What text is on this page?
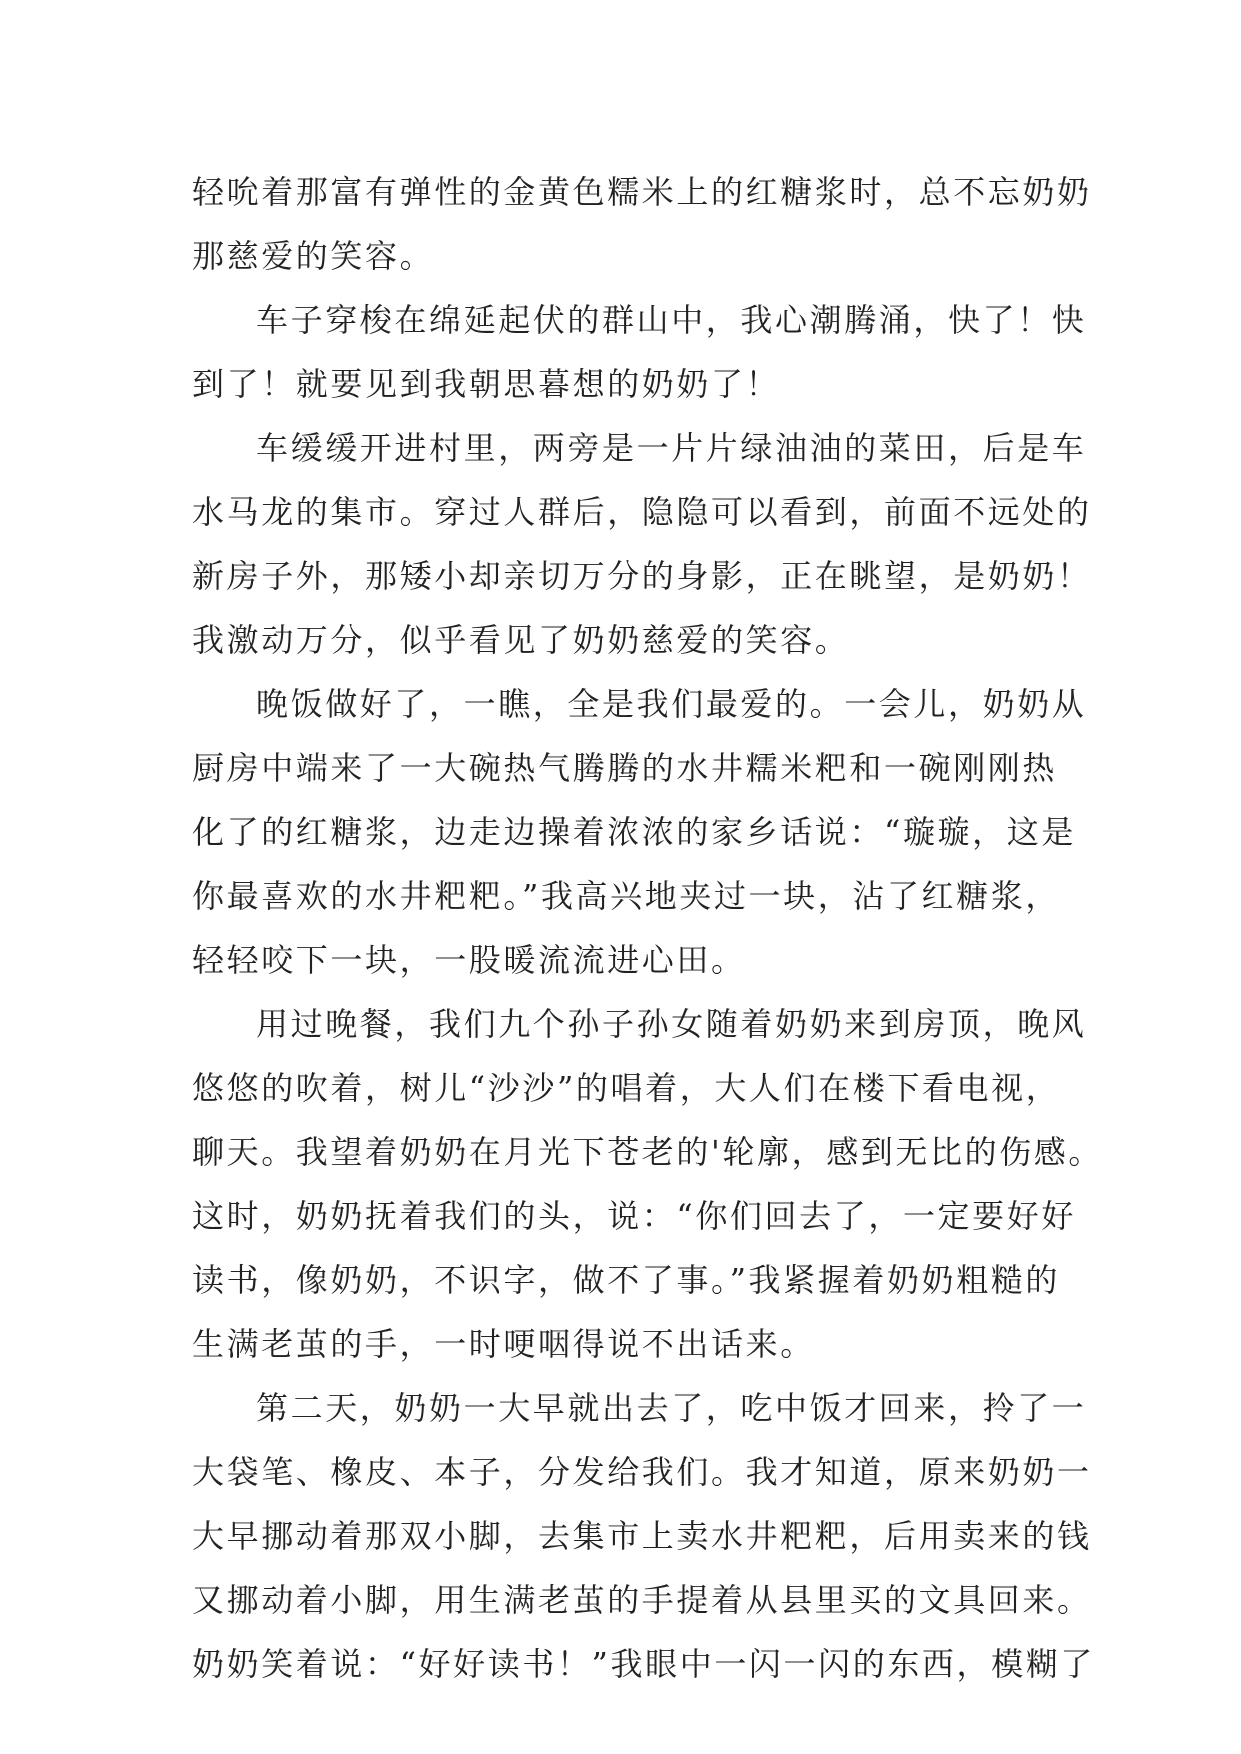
轻吮着那富有弹性的金黄色糯米上的红糖浆时，总不忘奶奶
那慈爱的笑容。
车子穿梭在绵延起伏的群山中，我心潮腾涌，快了！快
到了！就要见到我朝思暮想的奶奶了！
车缓缓开进村里，两旁是一片片绿油油的菜田，后是车
水马龙的集市。穿过人群后，隐隐可以看到，前面不远处的
新房子外，那矮小却亲切万分的身影，正在眺望，是奶奶！
我激动万分，似乎看见了奶奶慈爱的笑容。
晚饭做好了，一瞧，全是我们最爱的。一会儿，奶奶从
厨房中端来了一大碗热气腾腾的水井糯米粑和一碗刚刚热
化了的红糖浆，边走边操着浓浓的家乡话说：“璇璇，这是
你最喜欢的水井粑粑。”我高兴地夹过一块，沾了红糖浆，
轻轻咬下一块，一股暖流流进心田。
用过晚餐，我们九个孙子孙女随着奶奶来到房顶，晚风
悠悠的吹着，树儿“沙沙”的唱着，大人们在楼下看电视，
聊天。我望着奶奶在月光下苍老的'轮廓，感到无比的伤感。
这时，奶奶抚着我们的头，说：“你们回去了，一定要好好
读书，像奶奶，不识字，做不了事。”我紧握着奶奶粗糙的
生满老茧的手，一时哽咽得说不出话来。
第二天，奶奶一大早就出去了，吃中饭才回来，拎了一
大袋笔、橡皮、本子，分发给我们。我才知道，原来奶奶一
大早挪动着那双小脚，去集市上卖水井粑粑，后用卖来的钱
又挪动着小脚，用生满老茧的手提着从县里买的文具回来。
奶奶笑着说：“好好读书！”我眼中一闪一闪的东西，模糊了
